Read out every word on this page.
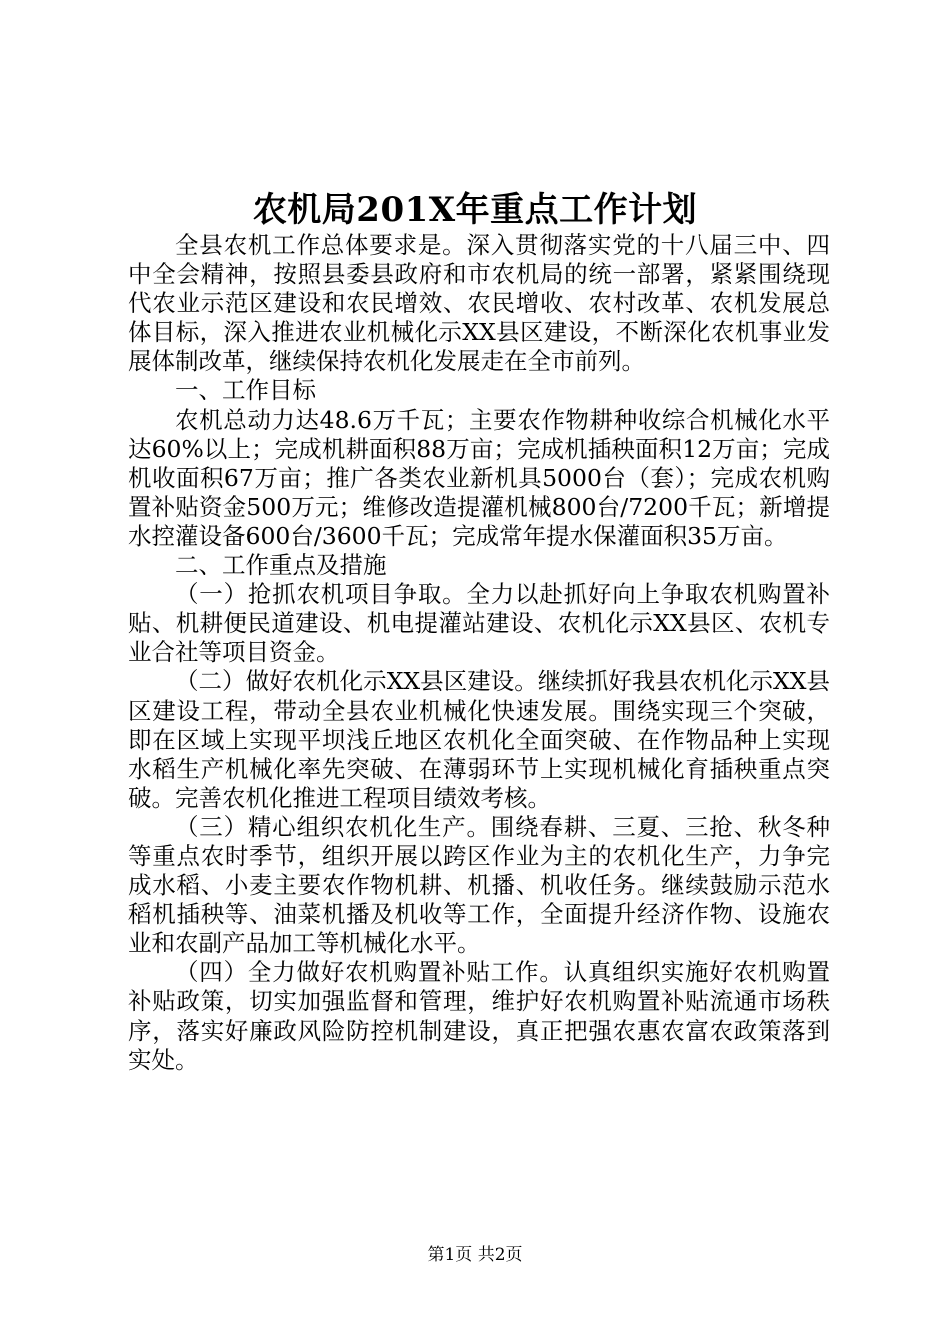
农机局201X年重点工作计划

全县农机工作总体要求是。深入贯彻落实党的十八届三中、四中全会精神，按照县委县政府和市农机局的统一部署，紧紧围绕现代农业示范区建设和农民增效、农民增收、农村改革、农机发展总体目标，深入推进农业机械化示XX县区建设，不断深化农机事业发展体制改革，继续保持农机化发展走在全市前列。

一、工作目标

农机总动力达48.6万千瓦；主要农作物耕种收综合机械化水平达60%以上；完成机耕面积88万亩；完成机插秧面积12万亩；完成机收面积67万亩；推广各类农业新机具5000台（套）；完成农机购置补贴资金500万元；维修改造提灌机械800台/7200千瓦；新增提水控灌设备600台/3600千瓦；完成常年提水保灌面积35万亩。

二、工作重点及措施

（一）抢抓农机项目争取。全力以赴抓好向上争取农机购置补贴、机耕便民道建设、机电提灌站建设、农机化示XX县区、农机专业合社等项目资金。

（二）做好农机化示XX县区建设。继续抓好我县农机化示XX县区建设工程，带动全县农业机械化快速发展。围绕实现三个突破，即在区域上实现平坝浅丘地区农机化全面突破、在作物品种上实现水稻生产机械化率先突破、在薄弱环节上实现机械化育插秧重点突破。完善农机化推进工程项目绩效考核。

（三）精心组织农机化生产。围绕春耕、三夏、三抢、秋冬种等重点农时季节，组织开展以跨区作业为主的农机化生产，力争完成水稻、小麦主要农作物机耕、机播、机收任务。继续鼓励示范水稻机插秧等、油菜机播及机收等工作，全面提升经济作物、设施农业和农副产品加工等机械化水平。

（四）全力做好农机购置补贴工作。认真组织实施好农机购置补贴政策，切实加强监督和管理，维护好农机购置补贴流通市场秩序，落实好廉政风险防控机制建设，真正把强农惠农富农政策落到实处。

第1页 共2页
